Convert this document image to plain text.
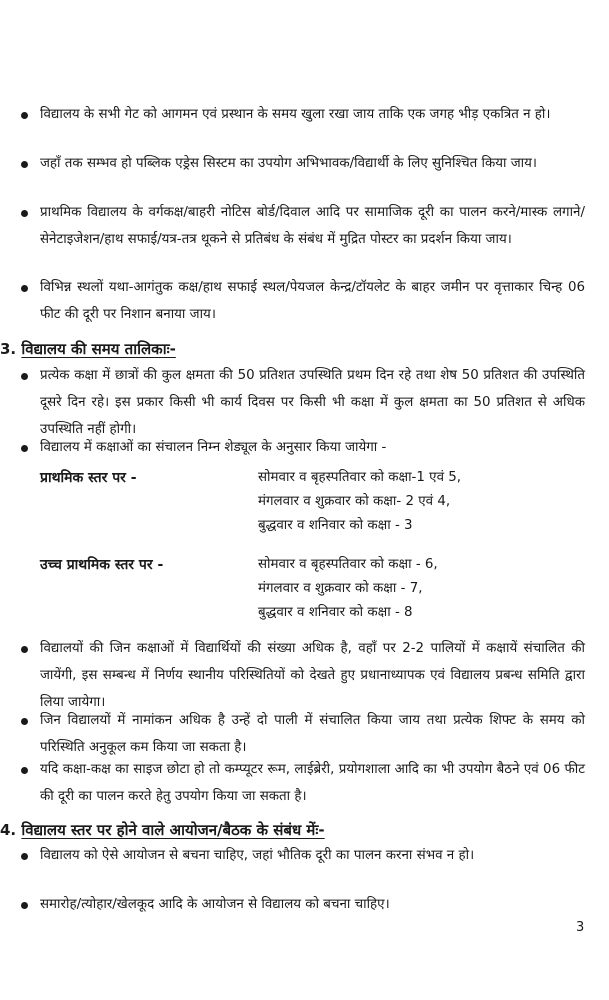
विद्यालय के सभी गेट को आगमन एवं प्रस्थान के समय खुला रखा जाय ताकि एक जगह भीड़ एकत्रित न हो।
जहाँ तक सम्भव हो पब्लिक एड्रेस सिस्टम का उपयोग अभिभावक/विद्यार्थी के लिए सुनिश्चित किया जाय।
प्राथमिक विद्यालय के वर्गकक्ष/बाहरी नोटिस बोर्ड/दिवाल आदि पर सामाजिक दूरी का पालन करने/मास्क लगाने/सेनेटाइजेशन/हाथ सफाई/यत्र-तत्र थूकने से प्रतिबंध के संबंध में मुद्रित पोस्टर का प्रदर्शन किया जाय।
विभिन्न स्थलों यथा-आगंतुक कक्ष/हाथ सफाई स्थल/पेयजल केन्द्र/टॉयलेट के बाहर जमीन पर वृत्ताकार चिन्ह 06 फीट की दूरी पर निशान बनाया जाय।
3. विद्यालय की समय तालिकाः-
प्रत्येक कक्षा में छात्रों की कुल क्षमता की 50 प्रतिशत उपस्थिति प्रथम दिन रहे तथा शेष 50 प्रतिशत की उपस्थिति दूसरे दिन रहे। इस प्रकार किसी भी कार्य दिवस पर किसी भी कक्षा में कुल क्षमता का 50 प्रतिशत से अधिक उपस्थिति नहीं होगी।
विद्यालय में कक्षाओं का संचालन निम्न शेड्यूल के अनुसार किया जायेगा -
प्राथमिक स्तर पर -	सोमवार व बृहस्पतिवार को कक्षा-1 एवं 5,
मंगलवार व शुक्रवार को कक्षा- 2 एवं 4,
बुद्धवार व शनिवार को कक्षा - 3
उच्च प्राथमिक स्तर पर -	सोमवार व बृहस्पतिवार को कक्षा - 6,
मंगलवार व शुक्रवार को कक्षा - 7,
बुद्धवार व शनिवार को कक्षा - 8
विद्यालयों की जिन कक्षाओं में विद्यार्थियों की संख्या अधिक है, वहाँ पर 2-2 पालियों में कक्षायें संचालित की जायेंगी, इस सम्बन्ध में निर्णय स्थानीय परिस्थितियों को देखते हुए प्रधानाध्यापक एवं विद्यालय प्रबन्ध समिति द्वारा लिया जायेगा।
जिन विद्यालयों में नामांकन अधिक है उन्हें दो पाली में संचालित किया जाय तथा प्रत्येक शिफ्ट के समय को परिस्थिति अनुकूल कम किया जा सकता है।
यदि कक्षा-कक्ष का साइज छोटा हो तो कम्प्यूटर रूम, लाईब्रेरी, प्रयोगशाला आदि का भी उपयोग बैठने एवं 06 फीट की दूरी का पालन करते हेतु उपयोग किया जा सकता है।
4. विद्यालय स्तर पर होने वाले आयोजन/बैठक के संबंध मेंः-
विद्यालय को ऐसे आयोजन से बचना चाहिए, जहां भौतिक दूरी का पालन करना संभव न हो।
समारोह/त्योहार/खेलकूद आदि के आयोजन से विद्यालय को बचना चाहिए।
3
